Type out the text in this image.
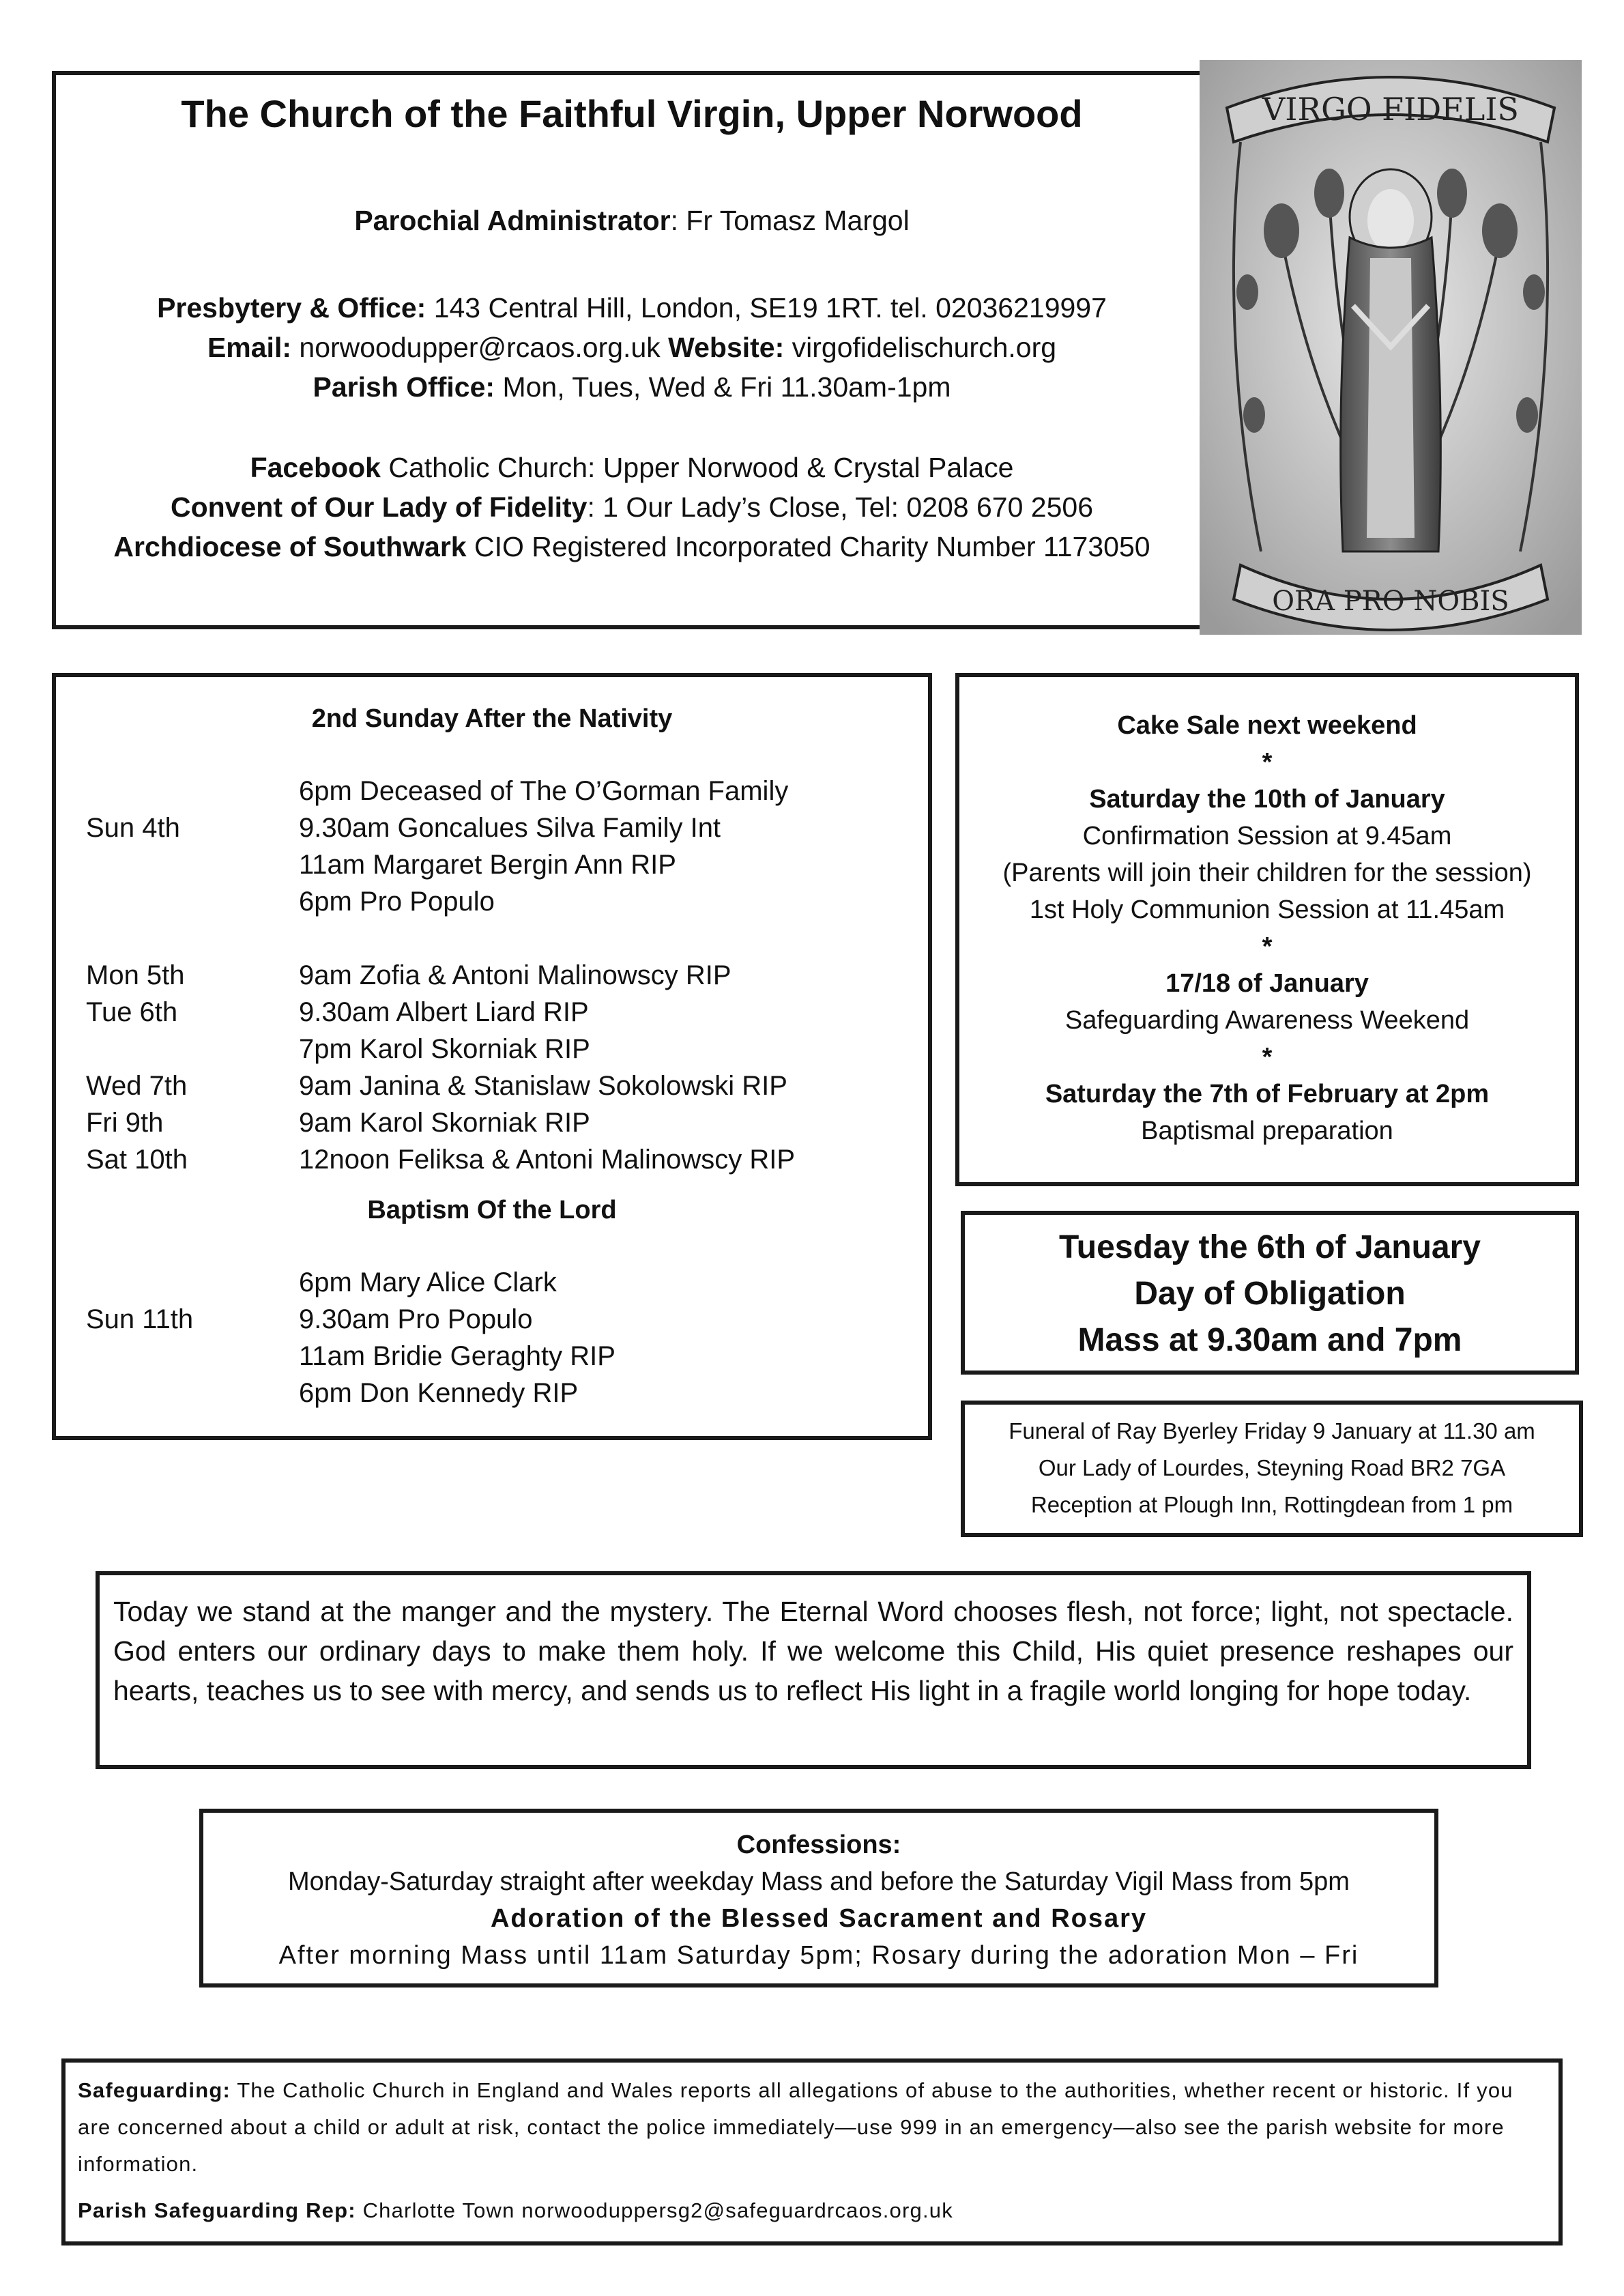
The Church of the Faithful Virgin, Upper Norwood
Parochial Administrator: Fr Tomasz Margol
Presbytery & Office: 143 Central Hill, London, SE19 1RT. tel. 02036219997
Email: norwoodupper@rcaos.org.uk Website: virgofidelischurch.org
Parish Office: Mon, Tues, Wed & Fri 11.30am-1pm
Facebook Catholic Church: Upper Norwood & Crystal Palace
Convent of Our Lady of Fidelity: 1 Our Lady’s Close, Tel: 0208 670 2506
Archdiocese of Southwark CIO Registered Incorporated Charity Number 1173050
VIRGO FIDELIS
ORA PRO NOBIS
2nd Sunday After the Nativity
6pm Deceased of The O’Gorman Family
Sun 4th	9.30am Goncalues Silva Family Int
11am Margaret Bergin Ann RIP
6pm Pro Populo
Mon 5th	9am Zofia & Antoni Malinowscy RIP
Tue 6th	9.30am Albert Liard RIP
7pm Karol Skorniak RIP
Wed 7th	9am Janina & Stanislaw Sokolowski RIP
Fri 9th	9am Karol Skorniak RIP
Sat 10th	12noon Feliksa & Antoni Malinowscy RIP
Baptism Of the Lord
6pm Mary Alice Clark
Sun 11th	9.30am Pro Populo
11am Bridie Geraghty RIP
6pm Don Kennedy RIP
Cake Sale next weekend
*
Saturday the 10th of January
Confirmation Session at 9.45am
(Parents will join their children for the session)
1st Holy Communion Session at 11.45am
*
17/18 of January
Safeguarding Awareness Weekend
*
Saturday the 7th of February at 2pm
Baptismal preparation
Tuesday the 6th of January
Day of Obligation
Mass at 9.30am and 7pm
Funeral of Ray Byerley Friday 9 January at 11.30 am
Our Lady of Lourdes, Steyning Road BR2 7GA
Reception at Plough Inn, Rottingdean from 1 pm

Today we stand at the manger and the mystery. The Eternal Word chooses flesh, not force; light, not spectacle. God enters our ordinary days to make them holy. If we welcome this Child, His quiet presence reshapes our hearts, teaches us to see with mercy, and sends us to reflect His light in a fragile world longing for hope today.

Confessions:
Monday-Saturday straight after weekday Mass and before the Saturday Vigil Mass from 5pm
Adoration of the Blessed Sacrament and Rosary
After morning Mass until 11am Saturday 5pm; Rosary during the adoration Mon – Fri

Safeguarding: The Catholic Church in England and Wales reports all allegations of abuse to the authorities, whether recent or historic. If you are concerned about a child or adult at risk, contact the police immediately—use 999 in an emergency—also see the parish website for more information.

Parish Safeguarding Rep: Charlotte Town norwooduppersg2@safeguardrcaos.org.uk
